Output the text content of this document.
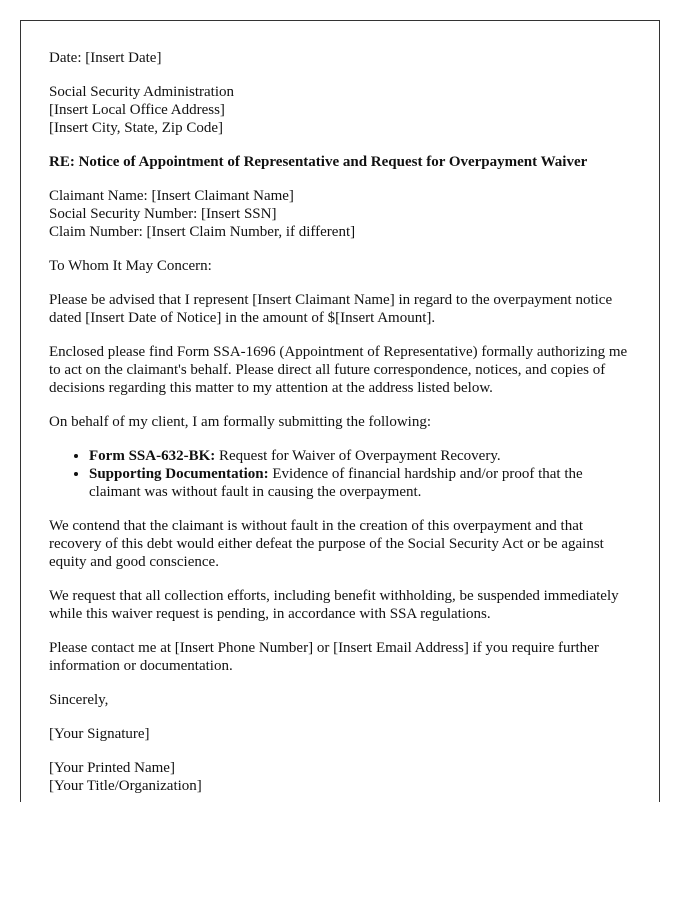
Date: [Insert Date]

Social Security Administration
[Insert Local Office Address]
[Insert City, State, Zip Code]

RE: Notice of Appointment of Representative and Request for Overpayment Waiver

Claimant Name: [Insert Claimant Name]
Social Security Number: [Insert SSN]
Claim Number: [Insert Claim Number, if different]

To Whom It May Concern:

Please be advised that I represent [Insert Claimant Name] in regard to the overpayment notice dated [Insert Date of Notice] in the amount of $[Insert Amount].

Enclosed please find Form SSA-1696 (Appointment of Representative) formally authorizing me to act on the claimant's behalf. Please direct all future correspondence, notices, and copies of decisions regarding this matter to my attention at the address listed below.

On behalf of my client, I am formally submitting the following:

• Form SSA-632-BK: Request for Waiver of Overpayment Recovery.
• Supporting Documentation: Evidence of financial hardship and/or proof that the claimant was without fault in causing the overpayment.

We contend that the claimant is without fault in the creation of this overpayment and that recovery of this debt would either defeat the purpose of the Social Security Act or be against equity and good conscience.

We request that all collection efforts, including benefit withholding, be suspended immediately while this waiver request is pending, in accordance with SSA regulations.

Please contact me at [Insert Phone Number] or [Insert Email Address] if you require further information or documentation.

Sincerely,

[Your Signature]

[Your Printed Name]
[Your Title/Organization]
